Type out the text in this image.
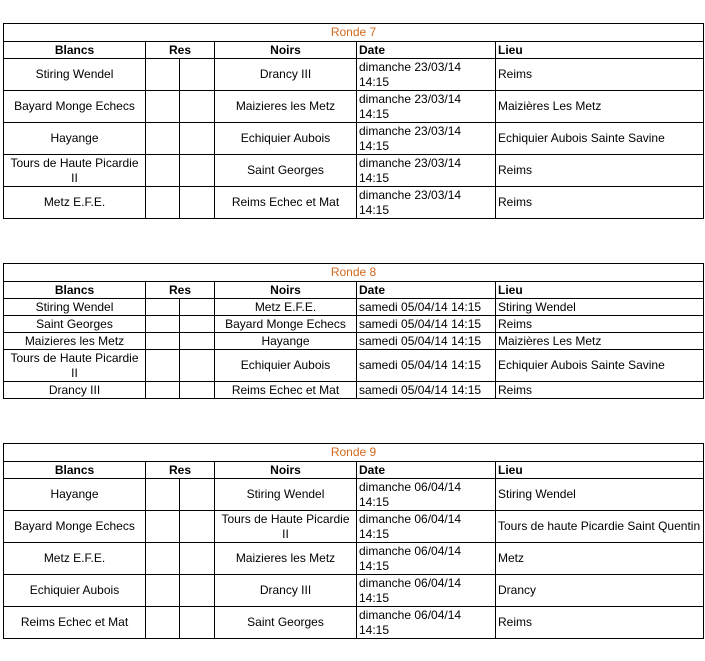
Ronde 7					
Blancs	Res		Noirs	Date	Lieu
Stiring Wendel			Drancy III	dimanche 23/03/14 14:15	Reims
Bayard Monge Echecs			Maizieres les Metz	dimanche 23/03/14 14:15	Maizières Les Metz
Hayange			Echiquier Aubois	dimanche 23/03/14 14:15	Echiquier Aubois Sainte Savine
Tours de Haute Picardie II			Saint Georges	dimanche 23/03/14 14:15	Reims
Metz E.F.E.			Reims Echec et Mat	dimanche 23/03/14 14:15	Reims
Ronde 8					
Blancs	Res		Noirs	Date	Lieu
Stiring Wendel			Metz E.F.E.	samedi 05/04/14 14:15	Stiring Wendel
Saint Georges			Bayard Monge Echecs	samedi 05/04/14 14:15	Reims
Maizieres les Metz			Hayange	samedi 05/04/14 14:15	Maizières Les Metz
Tours de Haute Picardie II			Echiquier Aubois	samedi 05/04/14 14:15	Echiquier Aubois Sainte Savine
Drancy III			Reims Echec et Mat	samedi 05/04/14 14:15	Reims
Ronde 9					
Blancs	Res		Noirs	Date	Lieu
Hayange			Stiring Wendel	dimanche 06/04/14 14:15	Stiring Wendel
Bayard Monge Echecs			Tours de Haute Picardie II	dimanche 06/04/14 14:15	Tours de haute Picardie Saint Quentin
Metz E.F.E.			Maizieres les Metz	dimanche 06/04/14 14:15	Metz
Echiquier Aubois			Drancy III	dimanche 06/04/14 14:15	Drancy
Reims Echec et Mat			Saint Georges	dimanche 06/04/14 14:15	Reims
